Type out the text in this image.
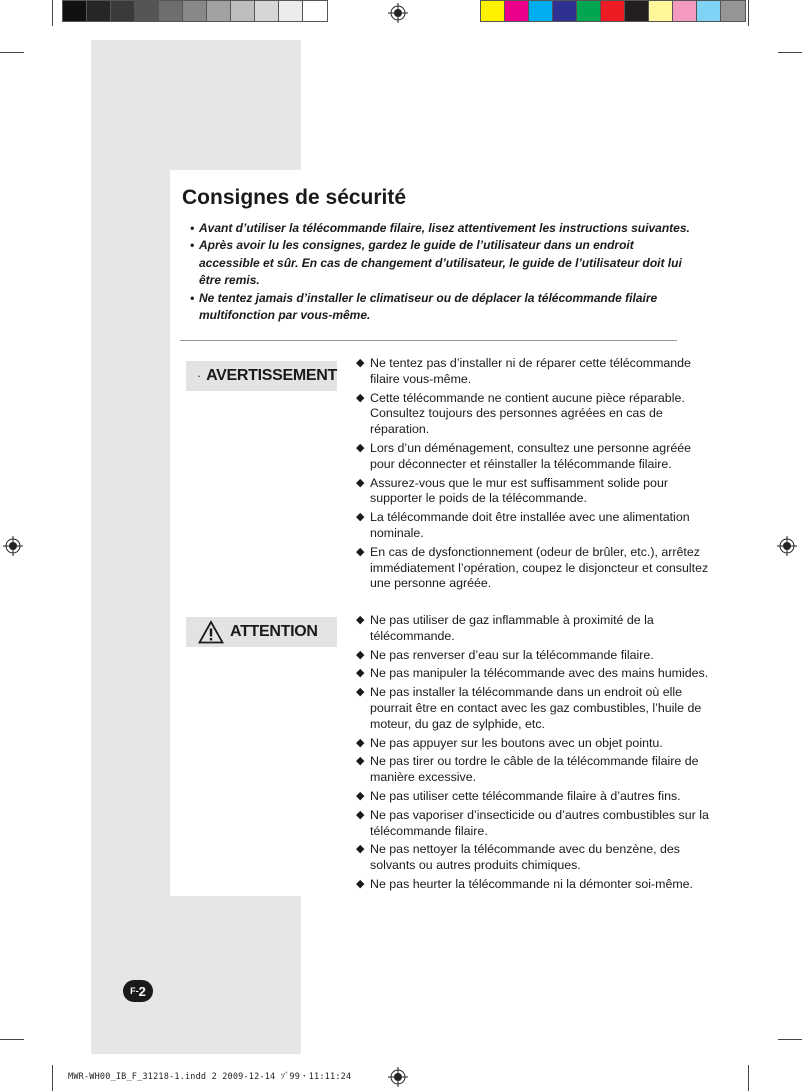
Consignes de sécurité
• Avant d’utiliser la télécommande filaire, lisez attentivement les instructions suivantes.
• Après avoir lu les consignes, gardez le guide de l’utilisateur dans un endroit accessible et sûr. En cas de changement d’utilisateur, le guide de l’utilisateur doit lui être remis.
• Ne tentez jamais d’installer le climatiseur ou de déplacer la télécommande filaire multifonction par vous-même.
AVERTISSEMENT
◆ Ne tentez pas d’installer ni de réparer cette télécommande filaire vous-même.
◆ Cette télécommande ne contient aucune pièce réparable. Consultez toujours des personnes agréées en cas de réparation.
◆ Lors d’un déménagement, consultez une personne agréée pour déconnecter et réinstaller la télécommande filaire.
◆ Assurez-vous que le mur est suffisamment solide pour supporter le poids de la télécommande.
◆ La télécommande doit être installée avec une alimentation nominale.
◆ En cas de dysfonctionnement (odeur de brûler, etc.), arrêtez immédiatement l’opération, coupez le disjoncteur et consultez une personne agréée.
ATTENTION
◆ Ne pas utiliser de gaz inflammable à proximité de la télécommande.
◆ Ne pas renverser d’eau sur la télécommande filaire.
◆ Ne pas manipuler la télécommande avec des mains humides.
◆ Ne pas installer la télécommande dans un endroit où elle pourrait être en contact avec les gaz combustibles, l’huile de moteur, du gaz de sylphide, etc.
◆ Ne pas appuyer sur les boutons avec un objet pointu.
◆ Ne pas tirer ou tordre le câble de la télécommande filaire de manière excessive.
◆ Ne pas utiliser cette télécommande filaire à d’autres fins.
◆ Ne pas vaporiser d’insecticide ou d’autres combustibles sur la télécommande filaire.
◆ Ne pas nettoyer la télécommande avec du benzène, des solvants ou autres produits chimiques.
◆ Ne pas heurter la télécommande ni la démonter soi-même.
F- 2
MWR-WH00_IB_F_31218-1.indd 2 2009-12-14 ｿﾞ99・11:11:24
